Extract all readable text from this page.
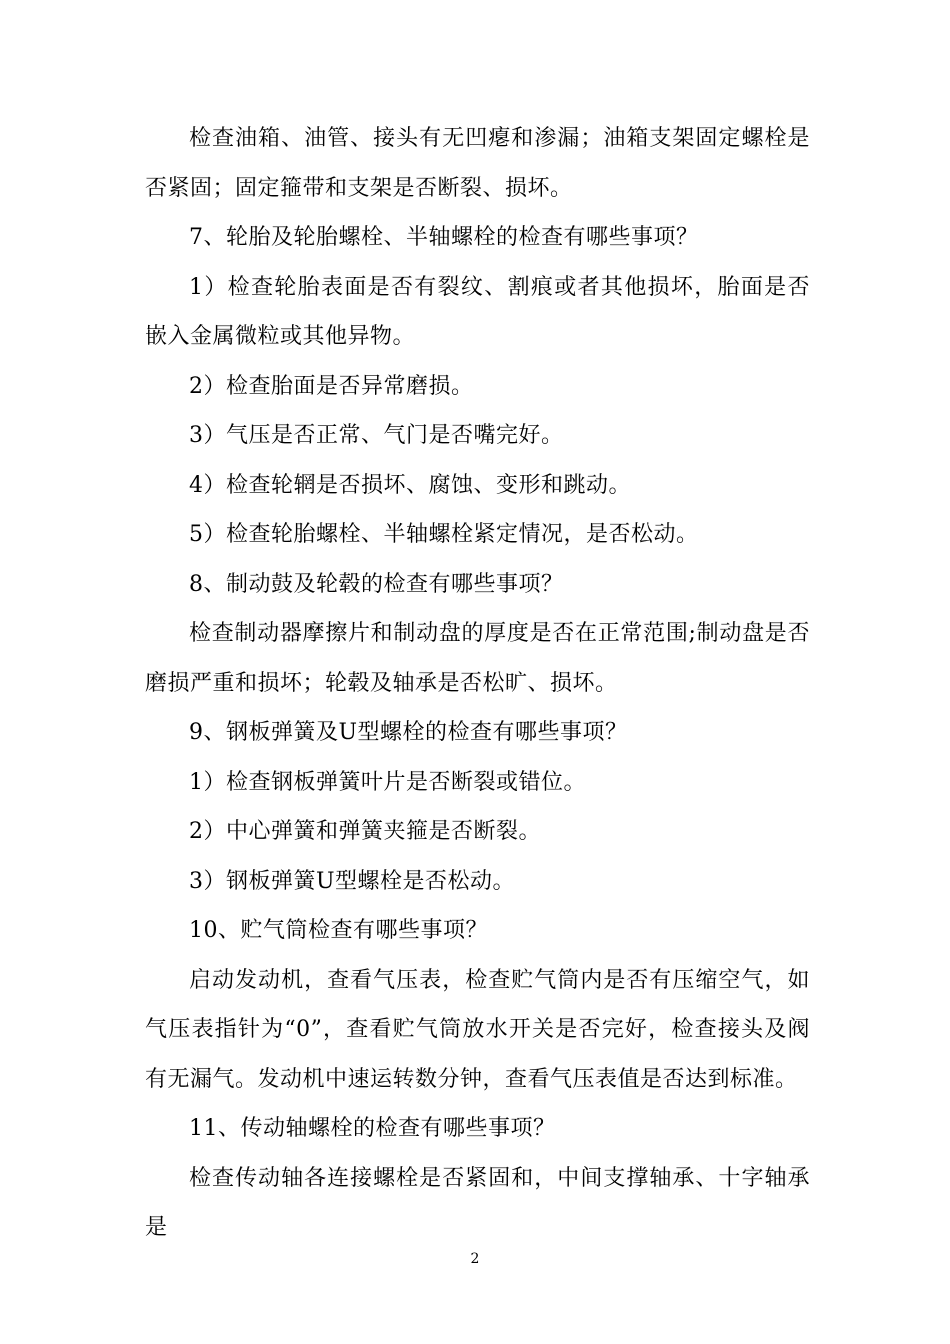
检查油箱、油管、接头有无凹瘪和渗漏；油箱支架固定螺栓是否紧固；固定箍带和支架是否断裂、损坏。

7、轮胎及轮胎螺栓、半轴螺栓的检查有哪些事项？

1）检查轮胎表面是否有裂纹、割痕或者其他损坏，胎面是否嵌入金属微粒或其他异物。

2）检查胎面是否异常磨损。

3）气压是否正常、气门是否嘴完好。

4）检查轮辋是否损坏、腐蚀、变形和跳动。

5）检查轮胎螺栓、半轴螺栓紧定情况，是否松动。

8、制动鼓及轮毂的检查有哪些事项？

检查制动器摩擦片和制动盘的厚度是否在正常范围;制动盘是否磨损严重和损坏；轮毂及轴承是否松旷、损坏。

9、钢板弹簧及U型螺栓的检查有哪些事项？

1）检查钢板弹簧叶片是否断裂或错位。

2）中心弹簧和弹簧夹箍是否断裂。

3）钢板弹簧U型螺栓是否松动。

10、贮气筒检查有哪些事项？

启动发动机，查看气压表，检查贮气筒内是否有压缩空气，如气压表指针为“0”，查看贮气筒放水开关是否完好，检查接头及阀有无漏气。发动机中速运转数分钟，查看气压表值是否达到标准。

11、传动轴螺栓的检查有哪些事项？

检查传动轴各连接螺栓是否紧固和，中间支撑轴承、十字轴承是

2
